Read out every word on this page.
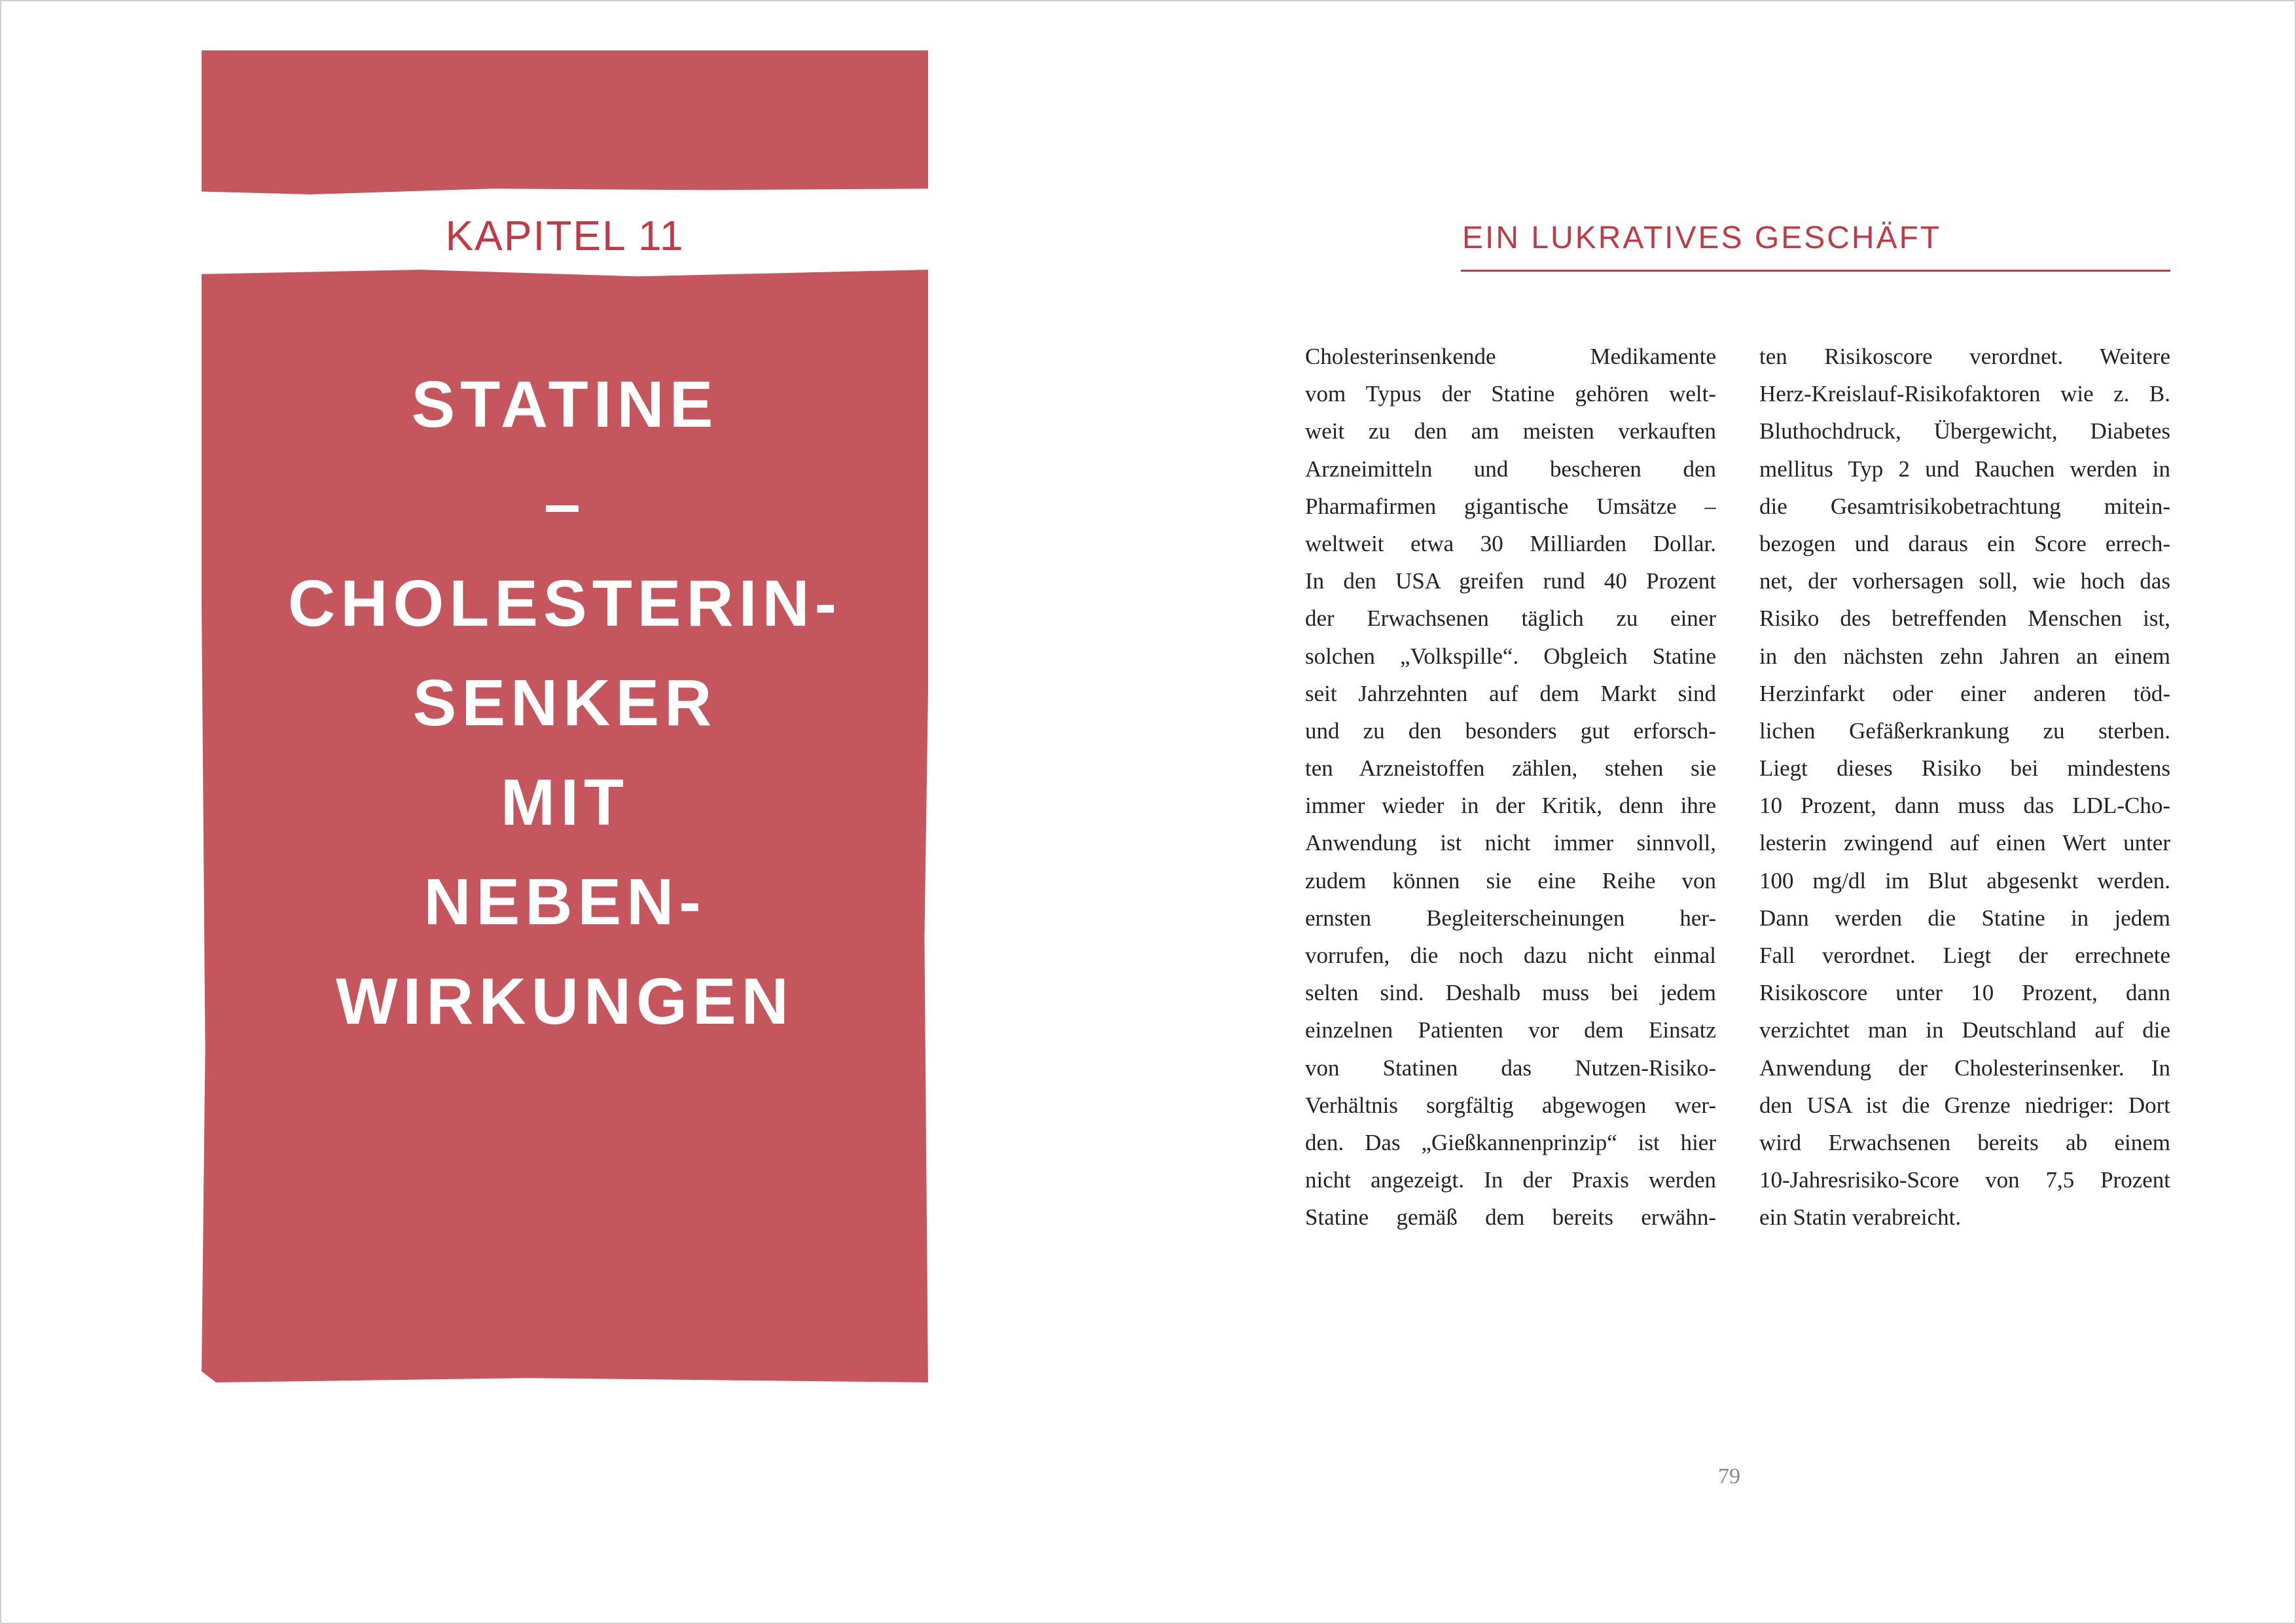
KAPITEL 11
STATINE
–
CHOLESTERIN-
SENKER
MIT
NEBEN-
WIRKUNGEN
EIN LUKRATIVES GESCHÄFT
Cholesterinsenkende Medikamente
vom Typus der Statine gehören welt-
weit zu den am meisten verkauften
Arzneimitteln und bescheren den
Pharmafirmen gigantische Umsätze –
weltweit etwa 30 Milliarden Dollar.
In den USA greifen rund 40 Prozent
der Erwachsenen täglich zu einer
solchen „Volkspille“. Obgleich Statine
seit Jahrzehnten auf dem Markt sind
und zu den besonders gut erforsch-
ten Arzneistoffen zählen, stehen sie
immer wieder in der Kritik, denn ihre
Anwendung ist nicht immer sinnvoll,
zudem können sie eine Reihe von
ernsten Begleiterscheinungen her-
vorrufen, die noch dazu nicht einmal
selten sind. Deshalb muss bei jedem
einzelnen Patienten vor dem Einsatz
von Statinen das Nutzen-Risiko-
Verhältnis sorgfältig abgewogen wer-
den. Das „Gießkannenprinzip“ ist hier
nicht angezeigt. In der Praxis werden
Statine gemäß dem bereits erwähn-
ten Risikoscore verordnet. Weitere
Herz-Kreislauf-Risikofaktoren wie z. B.
Bluthochdruck, Übergewicht, Diabetes
mellitus Typ 2 und Rauchen werden in
die Gesamtrisikobetrachtung mitein-
bezogen und daraus ein Score errech-
net, der vorhersagen soll, wie hoch das
Risiko des betreffenden Menschen ist,
in den nächsten zehn Jahren an einem
Herzinfarkt oder einer anderen töd-
lichen Gefäßerkrankung zu sterben.
Liegt dieses Risiko bei mindestens
10 Prozent, dann muss das LDL-Cho-
lesterin zwingend auf einen Wert unter
100 mg/dl im Blut abgesenkt werden.
Dann werden die Statine in jedem
Fall verordnet. Liegt der errechnete
Risikoscore unter 10 Prozent, dann
verzichtet man in Deutschland auf die
Anwendung der Cholesterinsenker. In
den USA ist die Grenze niedriger: Dort
wird Erwachsenen bereits ab einem
10-Jahresrisiko-Score von 7,5 Prozent
ein Statin verabreicht.
79
